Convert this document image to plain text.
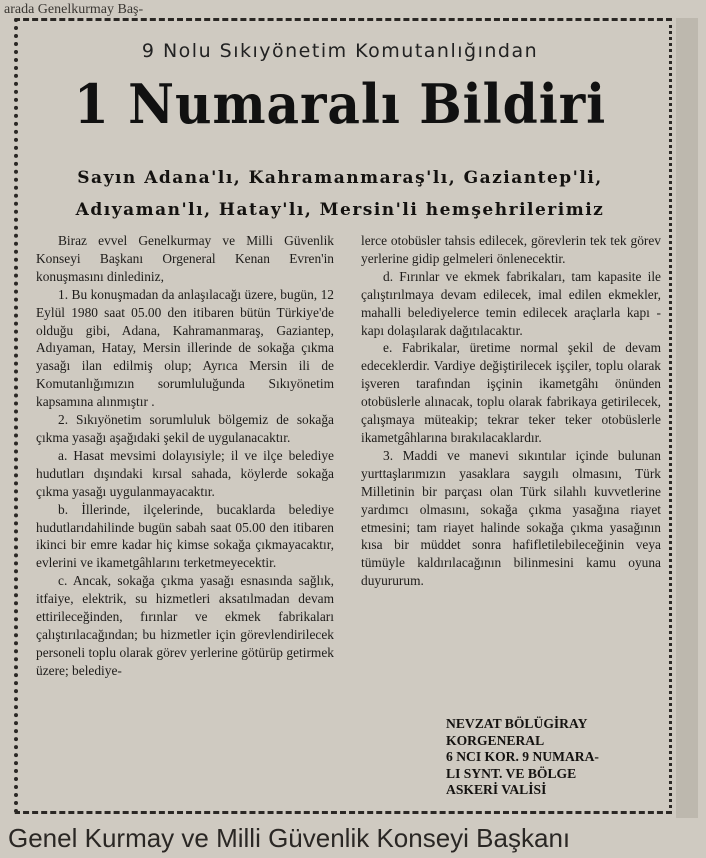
arada Genelkurmay Baş-
9 Nolu Sıkıyönetim Komutanlığından
1 Numaralı Bildiri
Sayın Adana'lı, Kahramanmaraş'lı, Gaziantep'li,
Adıyaman'lı, Hatay'lı, Mersin'li hemşehrilerimiz

Biraz evvel Genelkurmay ve Milli Güvenlik Konseyi Başkanı Orgeneral Kenan Evren'in konuşmasını dinlediniz,

1. Bu konuşmadan da anlaşılacağı üzere, bugün, 12 Eylül 1980 saat 05.00 den itibaren bütün Türkiye'de olduğu gibi, Adana, Kahramanmaraş, Gaziantep, Adıyaman, Hatay, Mersin illerinde de sokağa çıkma yasağı ilan edilmiş olup; Ayrıca Mersin ili de Komutanlığımızın sorumluluğunda Sıkıyönetim kapsamına alınmıştır .

2. Sıkıyönetim sorumluluk bölgemiz de sokağa çıkma yasağı aşağıdaki şekil de uygulanacaktır.

a. Hasat mevsimi dolayısiyle; il ve ilçe belediye hudutları dışındaki kırsal sahada, köylerde sokağa çıkma yasağı uygulanmayacaktır.

b. İllerinde, ilçelerinde, bucaklarda belediye hudutlarıdahilinde bugün sabah saat 05.00 den itibaren ikinci bir emre kadar hiç kimse sokağa çıkmayacaktır, evlerini ve ikametgâhlarını terketmeyecektir.

c. Ancak, sokağa çıkma yasağı esnasında sağlık, itfaiye, elektrik, su hizmetleri aksatılmadan devam ettirileceğinden, fırınlar ve ekmek fabrikaları çalıştırılacağından; bu hizmetler için görevlendirilecek personeli toplu olarak görev yerlerine götürüp getirmek üzere; belediye-

lerce otobüsler tahsis edilecek, görevlerin tek tek görev yerlerine gidip gelmeleri önlenecektir.

d. Fırınlar ve ekmek fabrikaları, tam kapasite ile çalıştırılmaya devam edilecek, imal edilen ekmekler, mahalli belediyelerce temin edilecek araçlarla kapı - kapı dolaşılarak dağıtılacaktır.

e. Fabrikalar, üretime normal şekil de devam edeceklerdir. Vardiye değiştirilecek işçiler, toplu olarak işveren tarafından işçinin ikametgâhı önünden otobüslerle alınacak, toplu olarak fabrikaya getirilecek, çalışmaya müteakip; tekrar teker teker otobüslerle ikametgâhlarına bırakılacaklardır.

3. Maddi ve manevi sıkıntılar içinde bulunan yurttaşlarımızın yasaklara saygılı olmasını, Türk Milletinin bir parçası olan Türk silahlı kuvvetlerine yardımcı olmasını, sokağa çıkma yasağına riayet etmesini; tam riayet halinde sokağa çıkma yasağının kısa bir müddet sonra hafifletilebileceğinin veya tümüyle kaldırılacağının bilinmesini kamu oyuna duyururum.

NEVZAT BÖLÜGİRAY
KORGENERAL
6 NCI KOR. 9 NUMARA-
LI SYNT. VE BÖLGE
ASKERİ VALİSİ
Genel Kurmay ve Milli Güvenlik Konseyi Başkanı
